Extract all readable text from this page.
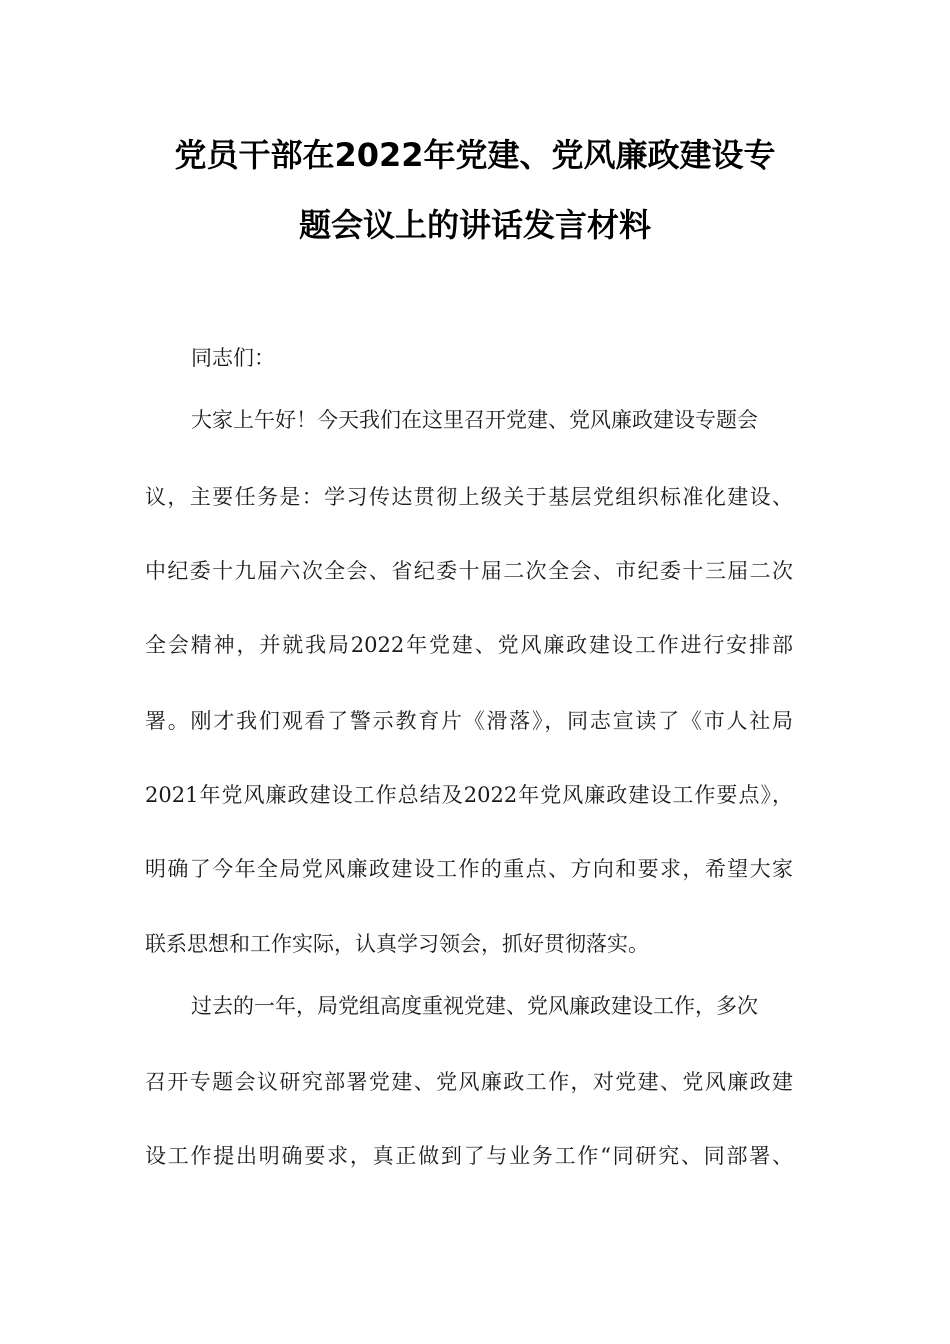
党员干部在2022年党建、党风廉政建设专
题会议上的讲话发言材料
同志们：
大家上午好！今天我们在这里召开党建、党风廉政建设专题会
议，主要任务是：学习传达贯彻上级关于基层党组织标准化建设、
中纪委十九届六次全会、省纪委十届二次全会、市纪委十三届二次
全会精神，并就我局2022年党建、党风廉政建设工作进行安排部
署。刚才我们观看了警示教育片《滑落》，同志宣读了《市人社局
2021年党风廉政建设工作总结及2022年党风廉政建设工作要点》，
明确了今年全局党风廉政建设工作的重点、方向和要求，希望大家
联系思想和工作实际，认真学习领会，抓好贯彻落实。
过去的一年，局党组高度重视党建、党风廉政建设工作，多次
召开专题会议研究部署党建、党风廉政工作，对党建、党风廉政建
设工作提出明确要求，真正做到了与业务工作“同研究、同部署、
